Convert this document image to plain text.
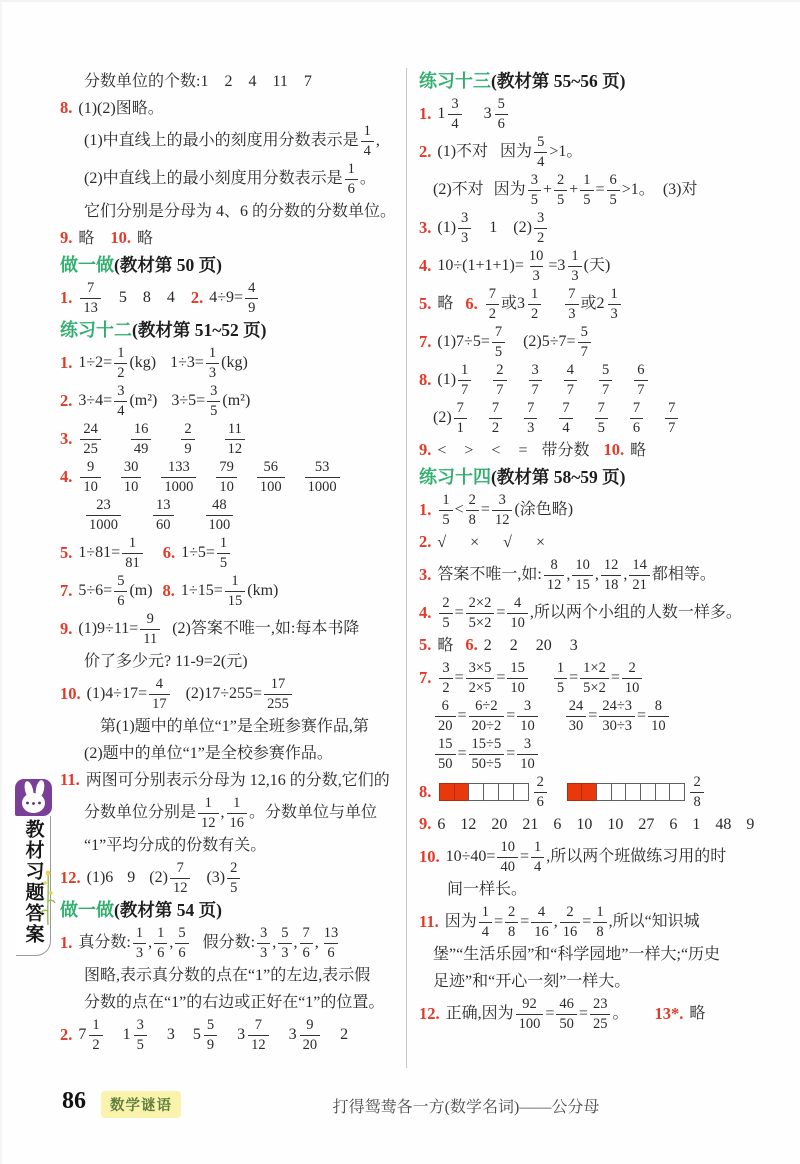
分数单位的个数: 1 2 4 11 7
8. (1)(2)图略。
(1)中直线上的最小的刻度用分数表示是 $\frac{1}{4}$ ,
(2)中直线上的最小刻度用分数表示是 $\frac{1}{6}$ 。
它们分别是分母为 4、6 的分数的分数单位。
9. 略 10. 略
做一做 (教材第 50 页)
1. $\frac{7}{13} 5$ 8 4 2. $4\div 9= \frac{4}{9}$
练习十二 (教材第 51~52 页)
1. $1\div 2= \frac{1}{2} (kg)$ $1\div 3= \frac{1}{3} (kg)$
2. $3\div 4= \frac{3}{4} (m^2)$ $3\div 5= \frac{3}{5} (m^2)$
3. $\frac{24}{25} \frac{16}{49} \frac{2}{9} \frac{11}{12}$
4. $\frac{9}{10} \frac{30}{10} \frac{133}{1000} \frac{79}{10} \frac{56}{100} \frac{53}{1000}$
$\frac{23}{1000} \frac{13}{60} \frac{48}{100}$
5. $1\div 81= \frac{1}{81} 6$. $1\div 5= \frac{1}{5}$
7. $5\div 6= \frac{5}{6} (m)$ 8. $1\div 15= \frac{1}{15} (km)$
9. $(1)9\div 11= \frac{9}{11} (2)$答案不唯一,如:每本书降
价了多少元? 11-9=2(元)
10. $(1)4\div 17= \frac{4}{17} (2)17\div 255= \frac{17}{255}$
第(1)题中的单位“1”是全班参赛作品,第
(2)题中的单位“1”是全校参赛作品。
11. 两图可分别表示分母为 12,16 的分数,它们的
分数单位分别是 $\frac{1}{12}$ , $\frac{1}{16}$ 。分数单位与单位
“1”平均分成的份数有关。
12. (1)6 9 $(2) \frac{7}{12} (3) \frac{2}{5}$
做一做 (教材第 54 页)
1. 真分数: $\frac{1}{3}$ , $\frac{1}{6}$ , $\frac{5}{6}$ 假分数: $\frac{3}{3}$ , $\frac{5}{3}$ , $\frac{7}{6}$ , $\frac{13}{6}$
图略,表示真分数的点在“1”的左边,表示假
分数的点在“1”的右边或正好在“1”的位置。
2. $7 \frac{1}{2} 1 \frac{3}{5} 3$ $5 \frac{5}{9} 3 \frac{7}{12} 3 \frac{9}{20} 2$
练习十三 (教材第 55~56 页)
1. $1 \frac{3}{4} 3 \frac{5}{6}$
2. (1)不对 因为 $\frac{5}{4} >1$。
(2)不对 因为 $\frac{3}{5} + \frac{2}{5} + \frac{1}{5} = \frac{6}{5} >1$。 (3)对
3. $(1) \frac{3}{3} 1$ $(2) \frac{3}{2}$
4. $10\div(1+1+1)= \frac{10}{3} = 3 \frac{1}{3}$ (天)
5. 略 6. $\frac{7}{2}$ 或 $3 \frac{1}{2} \frac{7}{3}$ 或 $2 \frac{1}{3}$
7. $(1)7\div 5= \frac{7}{5} (2)5\div 7= \frac{5}{7}$
8. $(1) \frac{1}{7} \frac{2}{7} \frac{3}{7} \frac{4}{7} \frac{5}{7} \frac{6}{7}$
$(2) \frac{7}{1} \frac{7}{2} \frac{7}{3} \frac{7}{4} \frac{7}{5} \frac{7}{6} \frac{7}{7}$
9. < > < = 带分数 10. 略
练习十四 (教材第 58~59 页)
1. $\frac{1}{5} < \frac{2}{8} = \frac{3}{12}$ (涂色略)
2. √ × √ ×
3. 答案不唯一,如: $\frac{8}{12}$ , $\frac{10}{15}$ , $\frac{12}{18}$ , $\frac{14}{21}$ 都相等。
4. $\frac{2}{5} = \frac{2\times 2}{5\times 2} = \frac{4}{10}$ ,所以两个小组的人数一样多。
5. 略 6. 2 2 20 3
7. $\frac{3}{2} = \frac{3\times 5}{2\times 5} = \frac{15}{10} \frac{1}{5} = \frac{1\times 2}{5\times 2} = \frac{2}{10}$
$\frac{6}{20} = \frac{6\div 2}{20\div 2} = \frac{3}{10} \frac{24}{30} = \frac{24\div 3}{30\div 3} = \frac{8}{10}$
$\frac{15}{50} = \frac{15\div 5}{50\div 5} = \frac{3}{10}$
8.	$\frac{2}{6}$	$\frac{2}{8}$
9. 6 12 20 21 6 10 10 27 6 1 48 9
10. $10\div 40= \frac{10}{40} = \frac{1}{4}$ ,所以两个班做练习用的时
间一样长。
11. 因为 $\frac{1}{4} = \frac{2}{8} = \frac{4}{16}$ , $\frac{2}{16} = \frac{1}{8}$ ,所以“知识城
堡”“生活乐园”和“科学园地”一样大;“历史
足迹”和“开心一刻”一样大。
12. 正确,因为 $\frac{92}{100} = \frac{46}{50} = \frac{23}{25}$ 。 13*. 略
教材习题答案
86	数学谜语	打得鸳鸯各一方(数学名词)——公分母
